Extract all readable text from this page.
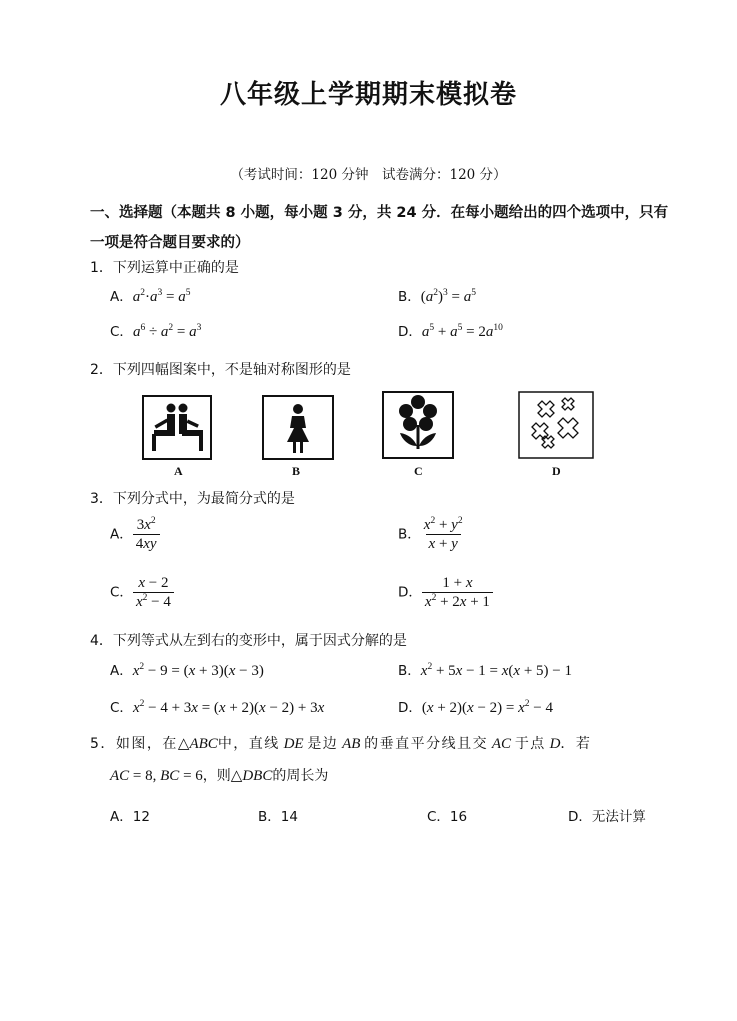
八年级上学期期末模拟卷
（考试时间：120 分钟　试卷满分：120 分）
一、选择题（本题共 8 小题，每小题 3 分，共 24 分．在每小题给出的四个选项中，只有
一项是符合题目要求的）
1．下列运算中正确的是
A．$a^2\cdot a^3 = a^5$	B．$(a^2)^3 = a^5$
C．$a^6 \div a^2 = a^3$	D．$a^5 + a^5 = 2a^{10}$
2．下列四幅图案中，不是轴对称图形的是
A	B	C	D
3．下列分式中，为最简分式的是
A． $\frac{3x^2}{4xy}$	B． $\frac{x^2 + y^2}{x + y}$
C． $\frac{x - 2}{x^2 - 4}$	D． $\frac{1 + x}{x^2 + 2x + 1}$
4．下列等式从左到右的变形中，属于因式分解的是
A．$x^2 - 9 = (x + 3)(x - 3)$	B．$x^2 + 5x - 1 = x(x + 5) - 1$
C．$x^2 - 4 + 3x = (x + 2)(x - 2) + 3x$	D．$(x + 2)(x - 2) = x^2 - 4$
5．如图，在△ABC中，直线 DE 是边 AB 的垂直平分线且交 AC 于点 D．若
AC = 8, BC = 6，则△DBC的周长为
A．12	B．14	C．16	D．无法计算
